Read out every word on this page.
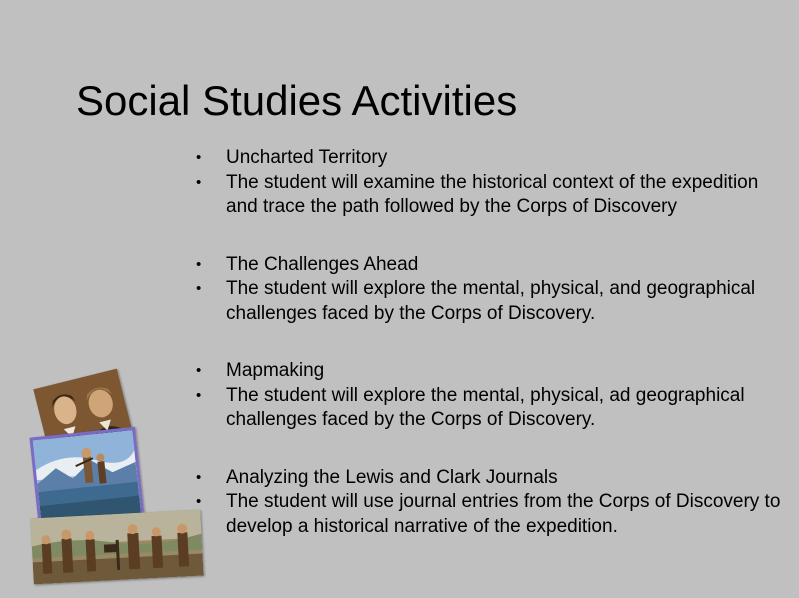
Social Studies Activities
• Uncharted Territory
• The student will examine the historical context of the expedition and trace the path followed by the Corps of Discovery
• The Challenges Ahead
• The student will explore the mental, physical, and geographical challenges faced by the Corps of Discovery.
• Mapmaking
• The student will explore the mental, physical, ad geographical challenges faced by the Corps of Discovery.
• Analyzing the Lewis and Clark Journals
• The student will use journal entries from the Corps of Discovery to develop a historical narrative of the expedition.
